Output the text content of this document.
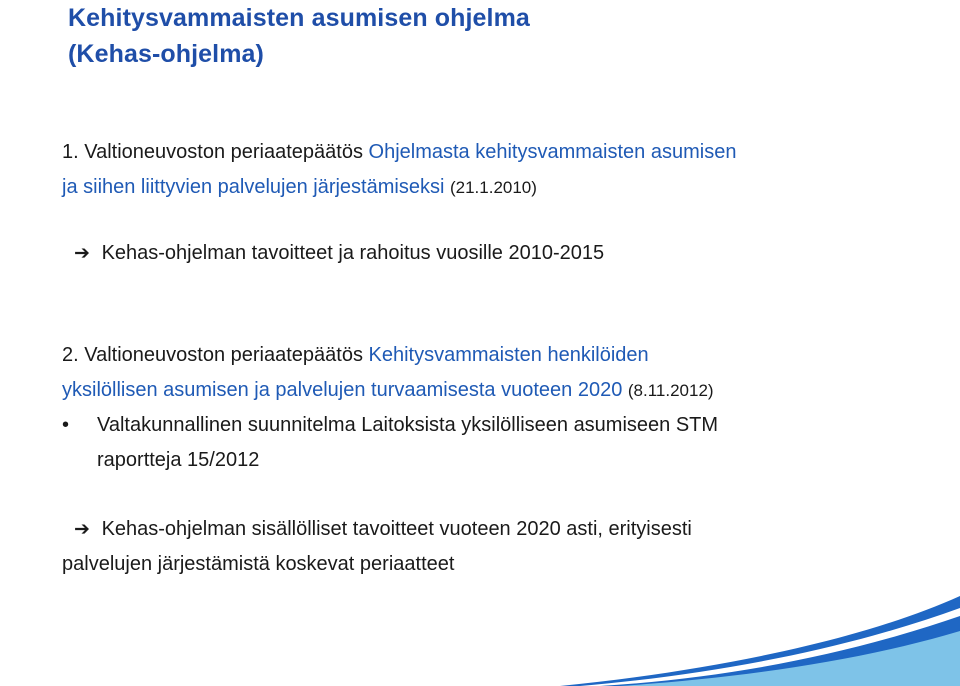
Kehitysvammaisten asumisen ohjelma
(Kehas-ohjelma)
1. Valtioneuvoston periaatepäätös Ohjelmasta kehitysvammaisten asumisen
ja siihen liittyvien palvelujen järjestämiseksi (21.1.2010)
➔ Kehas-ohjelman tavoitteet ja rahoitus vuosille 2010-2015
2. Valtioneuvoston periaatepäätös Kehitysvammaisten henkilöiden
yksilöllisen asumisen ja palvelujen turvaamisesta vuoteen 2020 (8.11.2012)
• Valtakunnallinen suunnitelma Laitoksista yksilölliseen asumiseen STM
raportteja 15/2012
➔ Kehas-ohjelman sisällölliset tavoitteet vuoteen 2020 asti, erityisesti
palvelujen järjestämistä koskevat periaatteet
